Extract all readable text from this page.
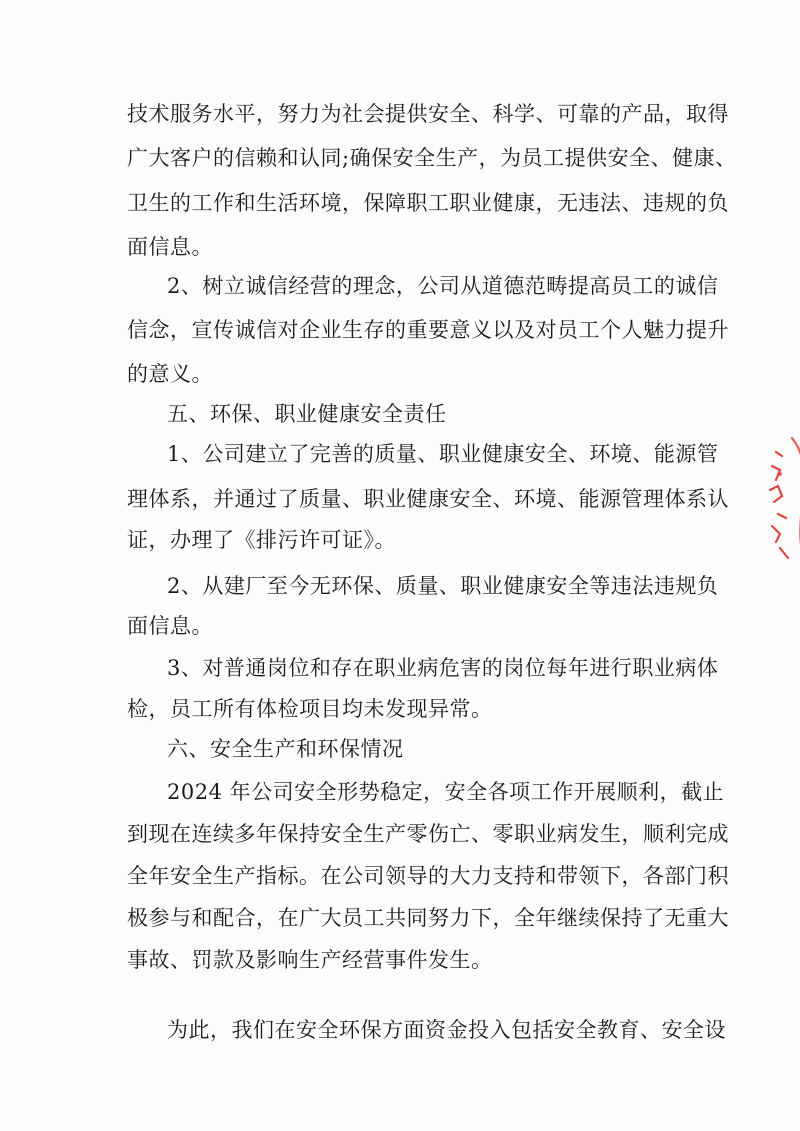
技术服务水平，努力为社会提供安全、科学、可靠的产品，取得
广大客户的信赖和认同;确保安全生产，为员工提供安全、健康、
卫生的工作和生活环境，保障职工职业健康，无违法、违规的负
面信息。
2、树立诚信经营的理念，公司从道德范畴提高员工的诚信
信念，宣传诚信对企业生存的重要意义以及对员工个人魅力提升
的意义。
五、环保、职业健康安全责任
1、公司建立了完善的质量、职业健康安全、环境、能源管
理体系，并通过了质量、职业健康安全、环境、能源管理体系认
证，办理了《排污许可证》。
2、从建厂至今无环保、质量、职业健康安全等违法违规负
面信息。
3、对普通岗位和存在职业病危害的岗位每年进行职业病体
检，员工所有体检项目均未发现异常。
六、安全生产和环保情况
2024 年公司安全形势稳定，安全各项工作开展顺利，截止
到现在连续多年保持安全生产零伤亡、零职业病发生，顺利完成
全年安全生产指标。在公司领导的大力支持和带领下，各部门积
极参与和配合，在广大员工共同努力下，全年继续保持了无重大
事故、罚款及影响生产经营事件发生。
为此，我们在安全环保方面资金投入包括安全教育、安全设
